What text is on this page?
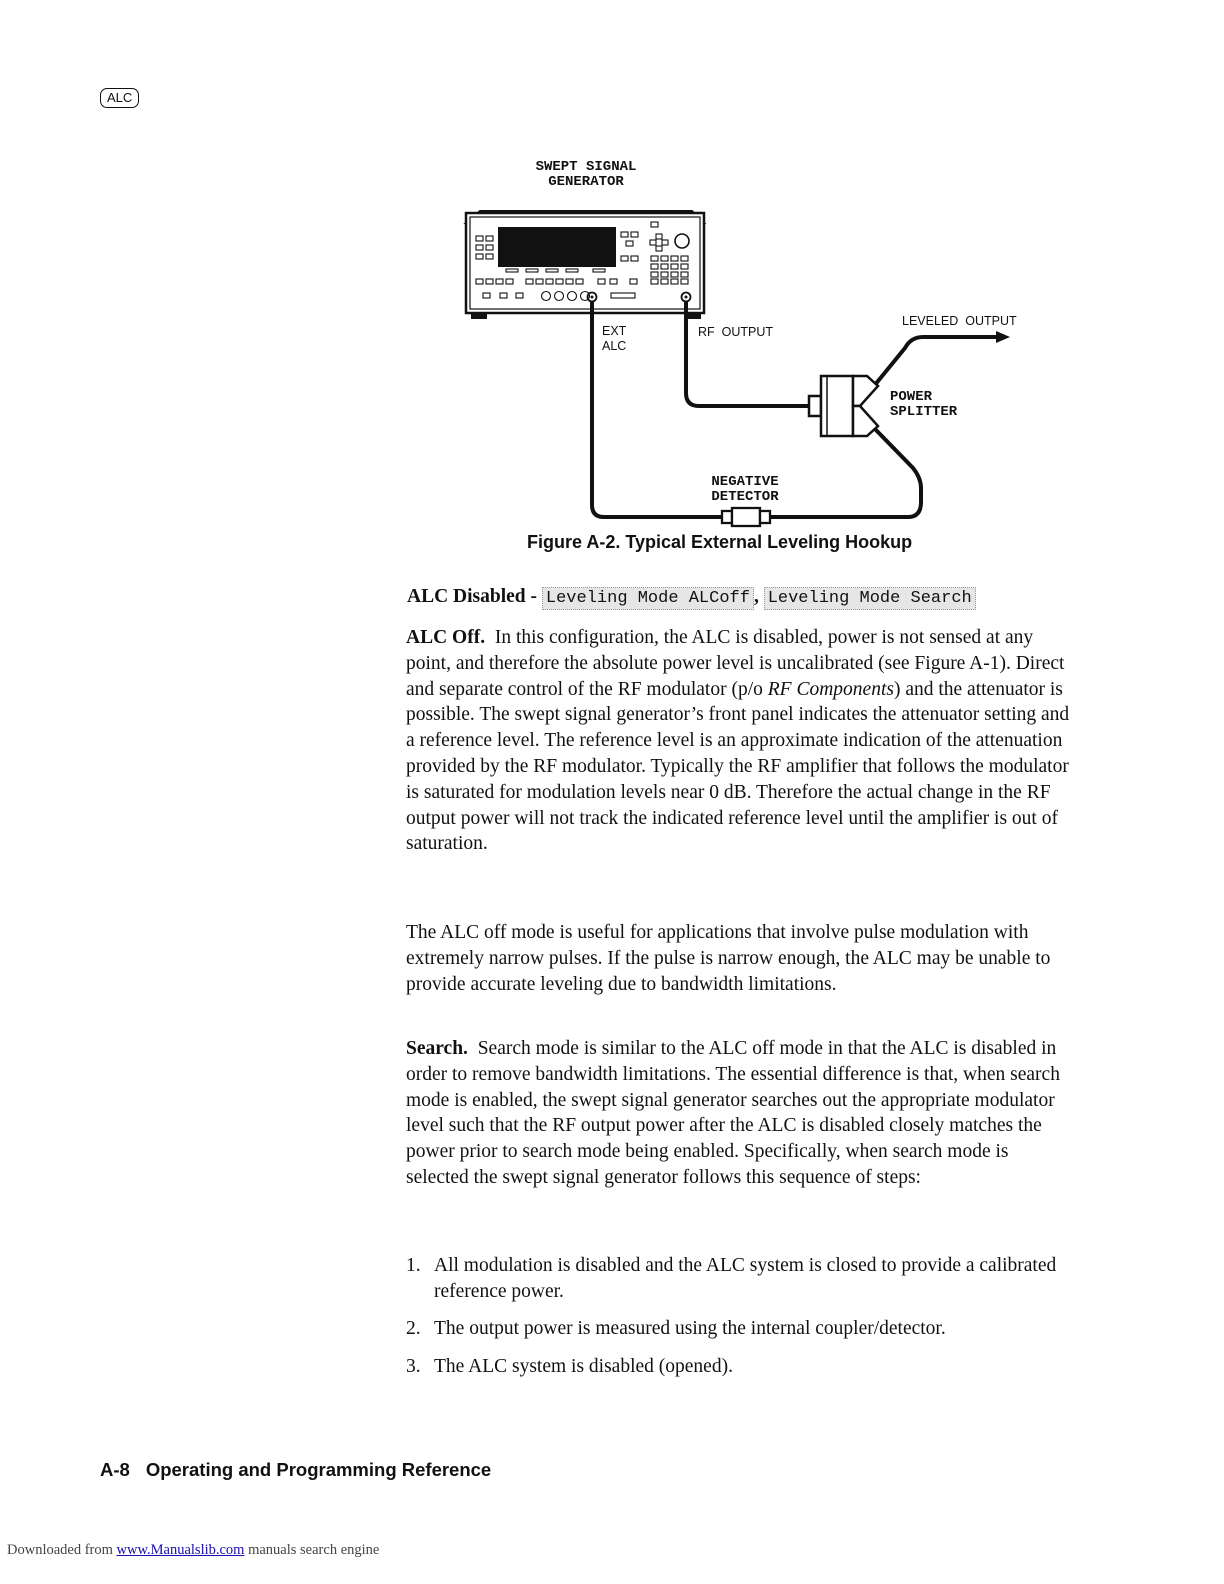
ALC
SWEPT SIGNAL
GENERATOR
EXT
ALC
RF  OUTPUT
LEVELED  OUTPUT
POWER
SPLITTER
NEGATIVE
DETECTOR
Figure A-2. Typical External Leveling Hookup
ALC Disabled - Leveling Mode ALCoff , Leveling Mode Search

ALC Off. In this configuration, the ALC is disabled, power is not sensed at any point, and therefore the absolute power level is uncalibrated (see Figure A-1). Direct and separate control of the RF modulator (p/o RF Components) and the attenuator is possible. The swept signal generator’s front panel indicates the attenuator setting and a reference level. The reference level is an approximate indication of the attenuation provided by the RF modulator. Typically the RF amplifier that follows the modulator is saturated for modulation levels near 0 dB. Therefore the actual change in the RF output power will not track the indicated reference level until the amplifier is out of saturation.

The ALC off mode is useful for applications that involve pulse modulation with extremely narrow pulses. If the pulse is narrow enough, the ALC may be unable to provide accurate leveling due to bandwidth limitations.

Search. Search mode is similar to the ALC off mode in that the ALC is disabled in order to remove bandwidth limitations. The essential difference is that, when search mode is enabled, the swept signal generator searches out the appropriate modulator level such that the RF output power after the ALC is disabled closely matches the power prior to search mode being enabled. Specifically, when search mode is selected the swept signal generator follows this sequence of steps:

1. All modulation is disabled and the ALC system is closed to provide a calibrated reference power.
2. The output power is measured using the internal coupler/detector.
3. The ALC system is disabled (opened).
A-8 Operating and Programming Reference
Downloaded from www.Manualslib.com manuals search engine
